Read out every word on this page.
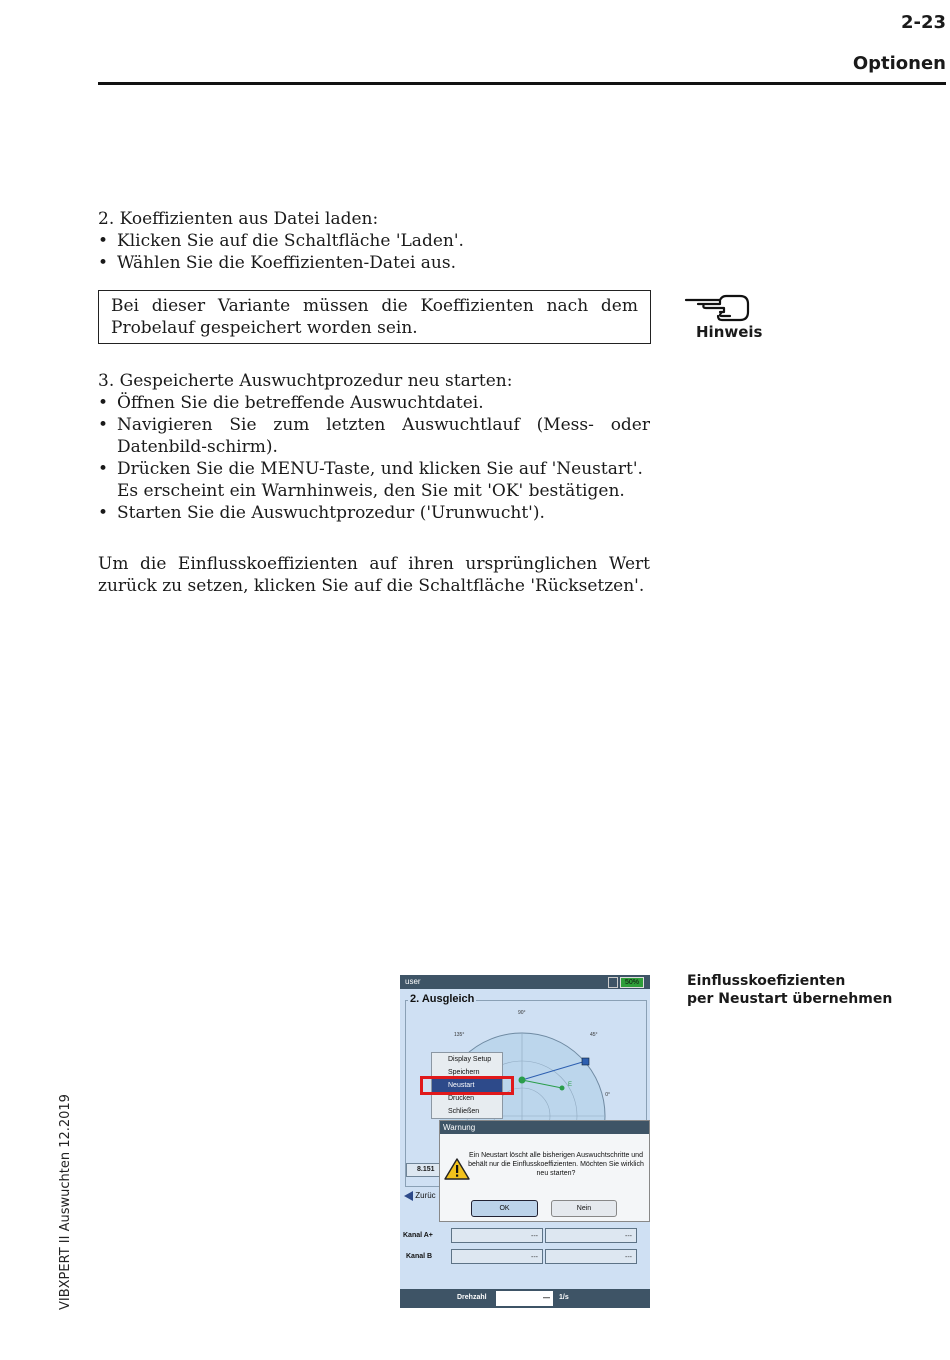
2-23
Optionen
2. Koeffizienten aus Datei laden:
• Klicken Sie auf die Schaltfläche 'Laden'.
• Wählen Sie die Koeffizienten-Datei aus.
Bei dieser Variante müssen die Koeffizienten nach dem Probelauf gespeichert worden sein.	Hinweis
3. Gespeicherte Auswuchtprozedur neu starten:
• Öffnen Sie die betreffende Auswuchtdatei.
• Navigieren Sie zum letzten Auswuchtlauf (Mess- oder Datenbild-schirm).
• Drücken Sie die MENU-Taste, und klicken Sie auf 'Neustart'.
Es erscheint ein Warnhinweis, den Sie mit 'OK' bestätigen.
• Starten Sie die Auswuchtprozedur ('Urunwucht').
Um die Einflusskoeffizienten auf ihren ursprünglichen Wert zurück zu setzen, klicken Sie auf die Schaltfläche 'Rücksetzen'.
VIBXPERT II Auswuchten 12.2019
Einflusskoefizienten
per Neustart übernehmen
user	50%
2. Ausgleich
E
90°
135°	45°
0°
Display Setup
Speichern
Neustart
Drucken
Schließen
8.151
Zurüc
Warnung
Ein Neustart löscht alle bisherigen Auswuchtschritte und behält nur die Einflusskoeffizienten. Möchten Sie wirklich neu starten?
OK	Nein
Kanal A+	---	---
Kanal B	---	---
Drehzahl	—	1/s
